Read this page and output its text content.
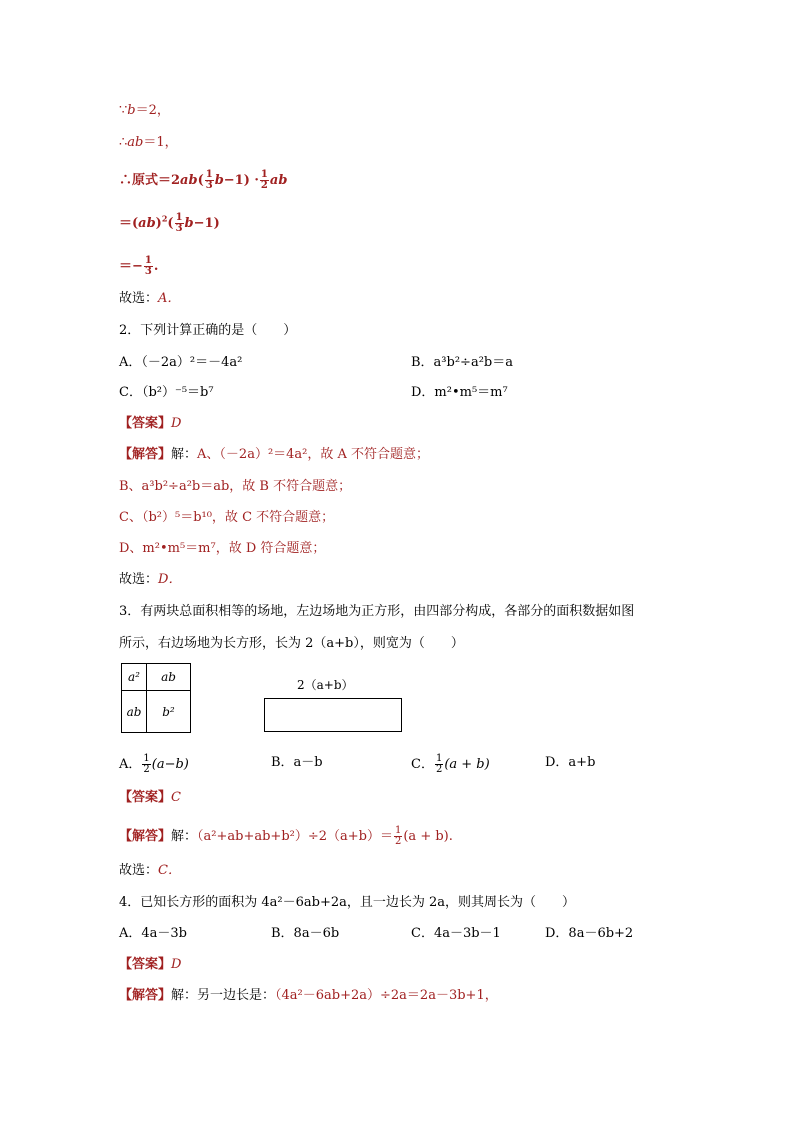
∵b＝2，
∴ab＝1，
∴原式$=2ab( \frac{1}{3} b-1) \cdot \frac{1}{2}$ ab
$=(ab)^2( \frac{1}{3} b-1)$
＝− $\frac{1}{3}$ .
故选：A．
2．下列计算正确的是（　　）
A．（－2a）²＝－4a²	B．a³b²÷a²b＝a
C．（b²）⁻⁵＝b⁷	D．m²•m⁵＝m⁷
【答案】D
【解答】解：A、（－2a）²＝4a²，故 A 不符合题意；
B、a³b²÷a²b＝ab，故 B 不符合题意；
C、（b²）⁵＝b¹⁰，故 C 不符合题意；
D、m²•m⁵＝m⁷，故 D 符合题意；
故选：D．
3．有两块总面积相等的场地，左边场地为正方形，由四部分构成，各部分的面积数据如图
所示，右边场地为长方形，长为 2（a+b），则宽为（　　）
a²	ab
ab	b²
2（a+b）
A． $\frac{1}{2} (a-b)$	B．a－b	C． $\frac{1}{2} (a + b)$	D．a+b
【答案】C
【解答】解：$(a^2+ab+ab+b^2)\div 2(a+b)= \frac{1}{2} (a + b)$.
故选：C．
4．已知长方形的面积为 4a²－6ab+2a，且一边长为 2a，则其周长为（　　）
A．4a－3b	B．8a－6b	C．4a－3b－1	D．8a－6b+2
【答案】D
【解答】解：另一边长是：（4a²－6ab+2a）÷2a＝2a－3b+1，
